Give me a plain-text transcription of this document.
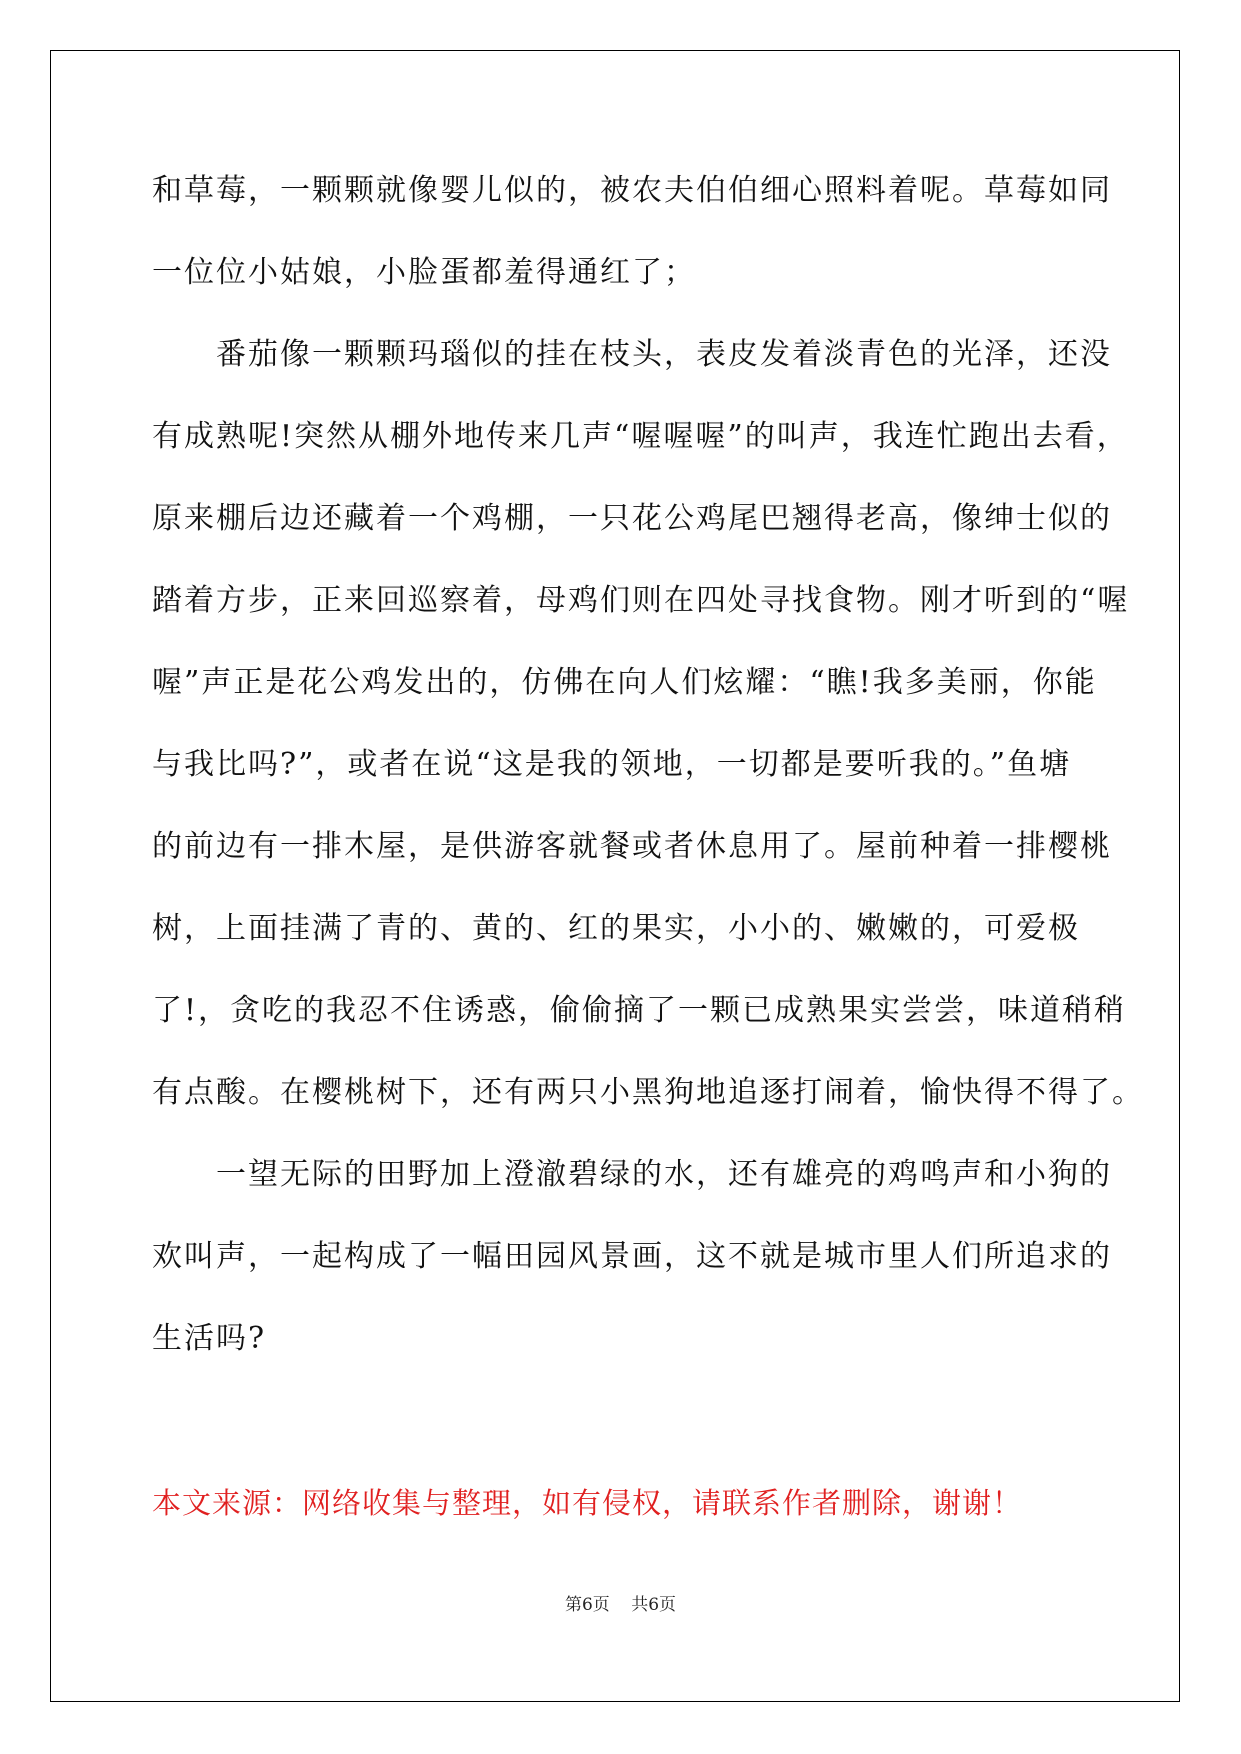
和草莓，一颗颗就像婴儿似的，被农夫伯伯细心照料着呢。草莓如同
一位位小姑娘，小脸蛋都羞得通红了；
　　番茄像一颗颗玛瑙似的挂在枝头，表皮发着淡青色的光泽，还没
有成熟呢!突然从棚外地传来几声“喔喔喔”的叫声，我连忙跑出去看，
原来棚后边还藏着一个鸡棚，一只花公鸡尾巴翘得老高，像绅士似的
踏着方步，正来回巡察着，母鸡们则在四处寻找食物。刚才听到的“喔
喔”声正是花公鸡发出的，仿佛在向人们炫耀：“瞧!我多美丽，你能
与我比吗?”，或者在说“这是我的领地，一切都是要听我的。”鱼塘
的前边有一排木屋，是供游客就餐或者休息用了。屋前种着一排樱桃
树，上面挂满了青的、黄的、红的果实，小小的、嫩嫩的，可爱极
了!，贪吃的我忍不住诱惑，偷偷摘了一颗已成熟果实尝尝，味道稍稍
有点酸。在樱桃树下，还有两只小黑狗地追逐打闹着，愉快得不得了。
　　一望无际的田野加上澄澈碧绿的水，还有雄亮的鸡鸣声和小狗的
欢叫声，一起构成了一幅田园风景画，这不就是城市里人们所追求的
生活吗?
本文来源：网络收集与整理，如有侵权，请联系作者删除，谢谢！
第6页 共6页
